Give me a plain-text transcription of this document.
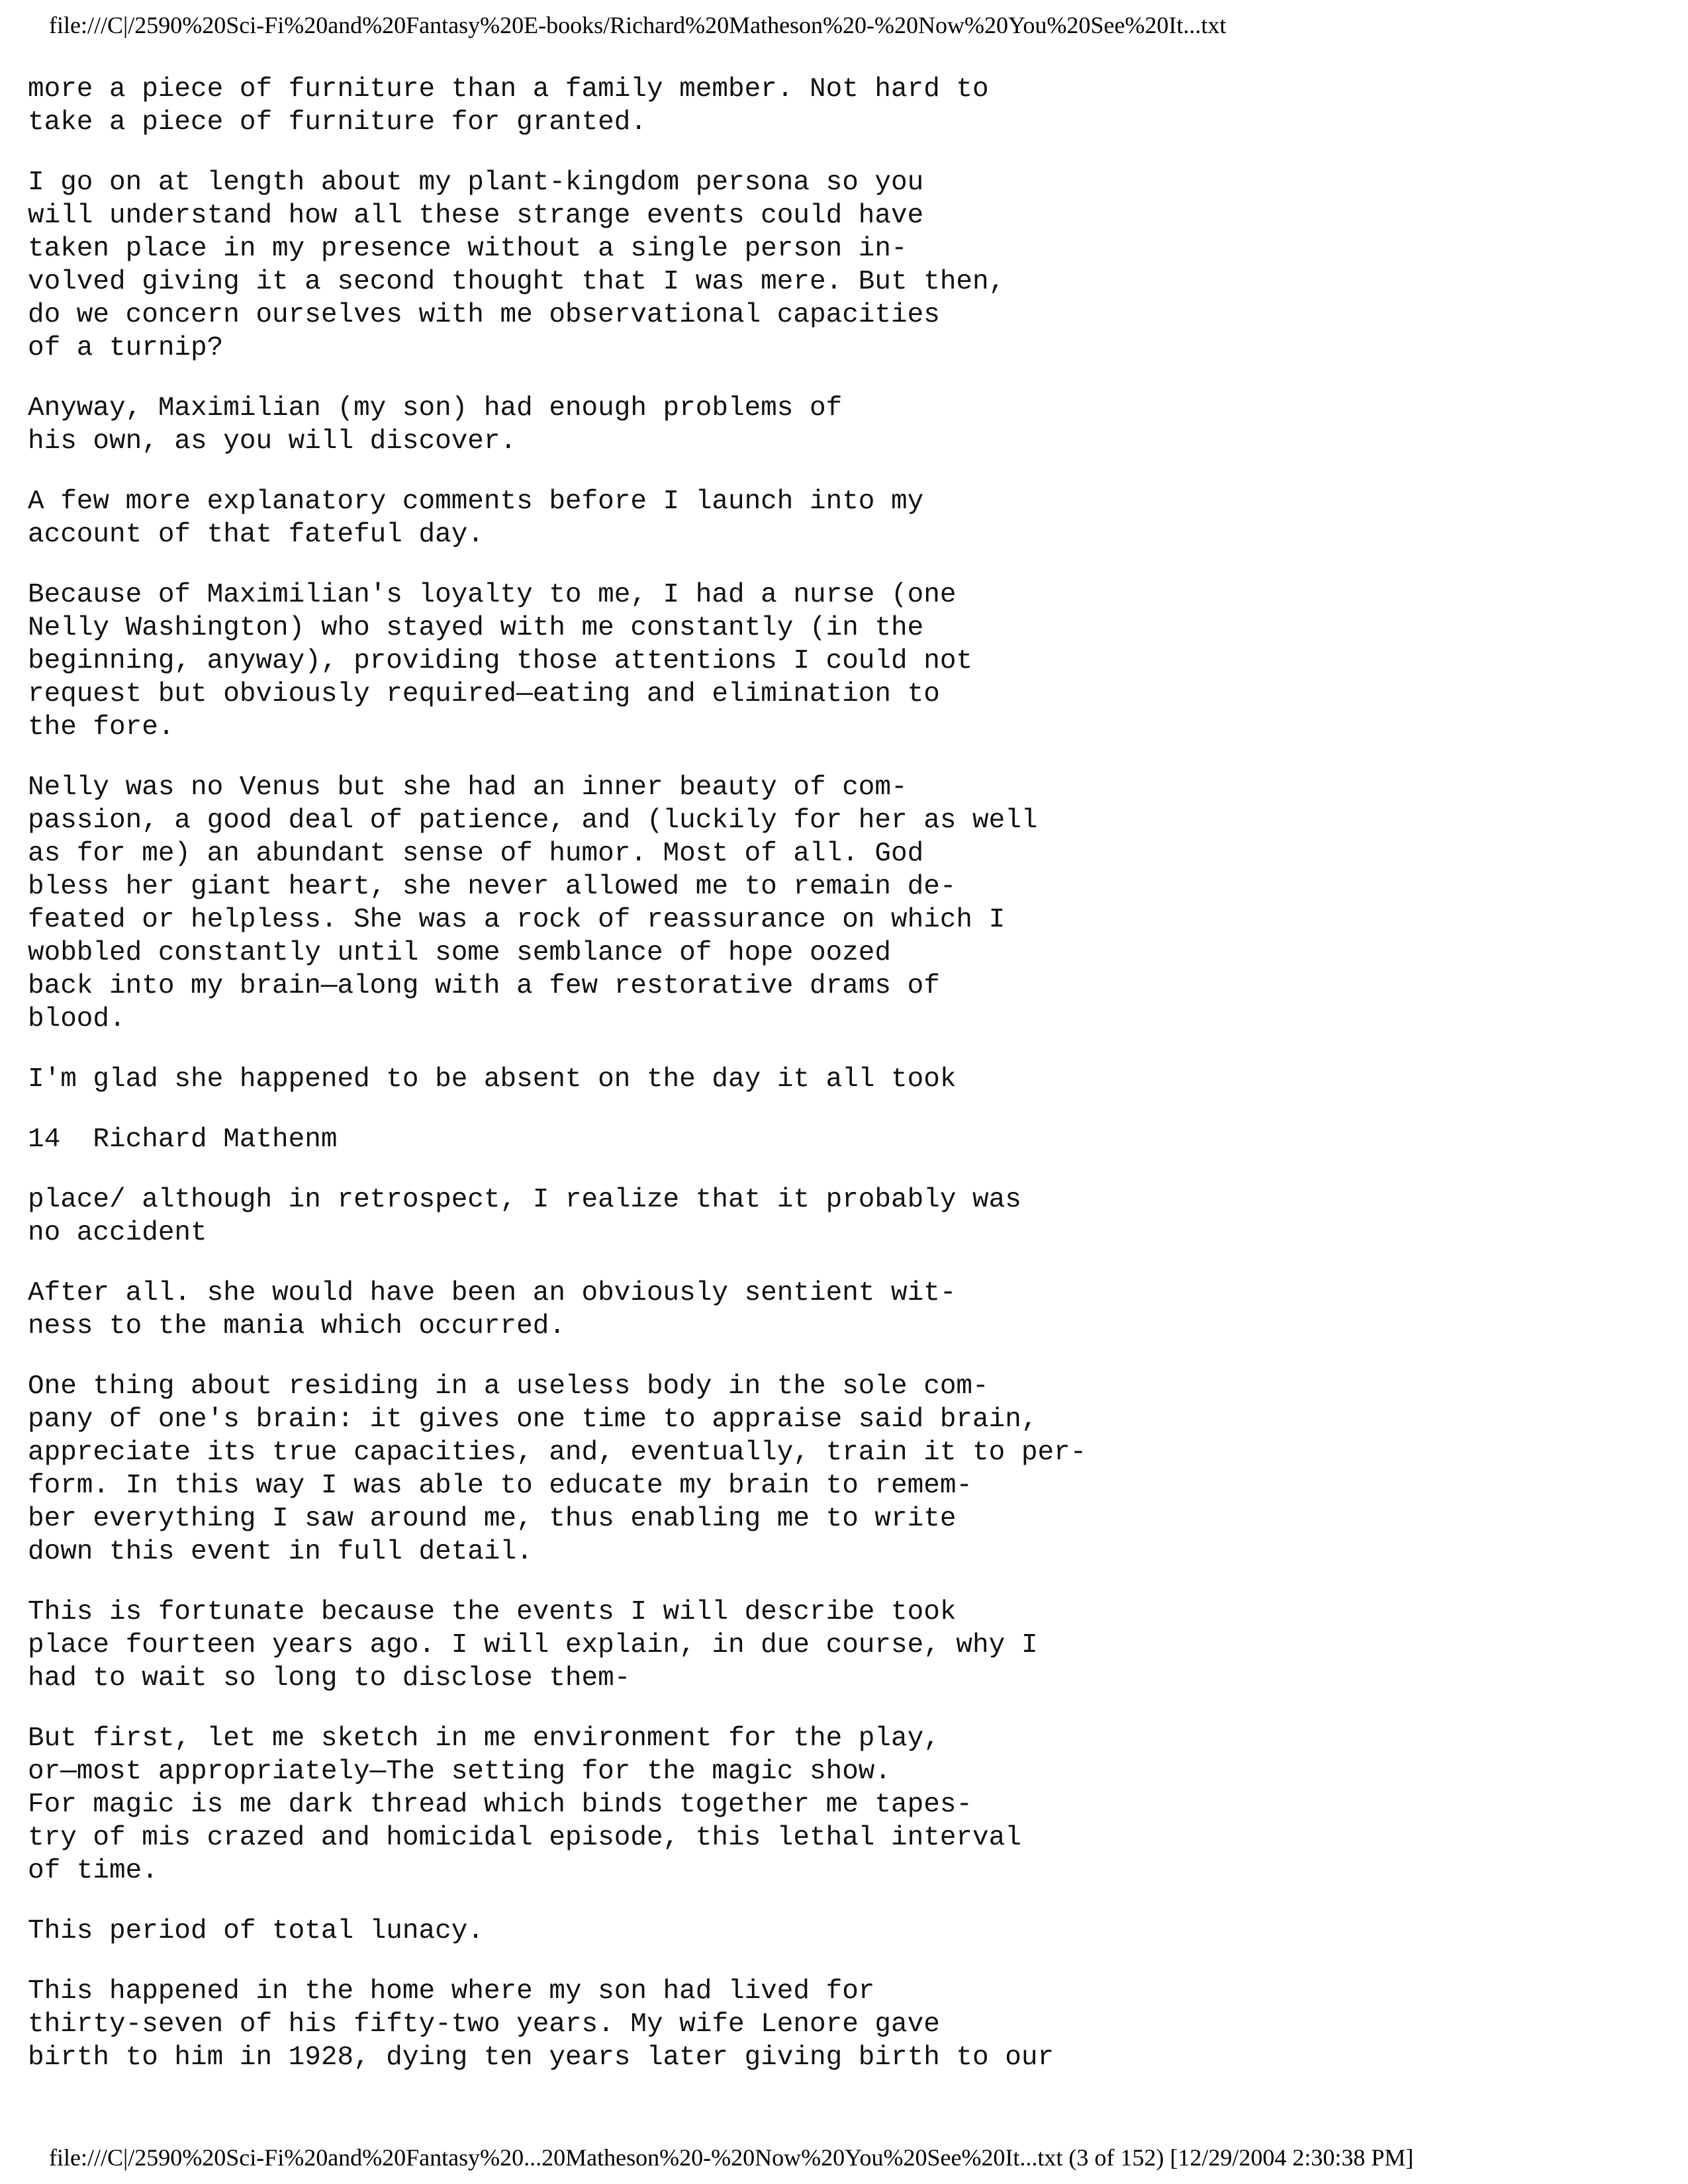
file:///C|/2590%20Sci-Fi%20and%20Fantasy%20E-books/Richard%20Matheson%20-%20Now%20You%20See%20It...txt
more a piece of furniture than a family member. Not hard to
take a piece of furniture for granted.
I go on at length about my plant-kingdom persona so you
will understand how all these strange events could have
taken place in my presence without a single person in-
volved giving it a second thought that I was mere. But then,
do we concern ourselves with me observational capacities
of a turnip?
Anyway, Maximilian (my son) had enough problems of
his own, as you will discover.
A few more explanatory comments before I launch into my
account of that fateful day.
Because of Maximilian's loyalty to me, I had a nurse (one
Nelly Washington) who stayed with me constantly (in the
beginning, anyway), providing those attentions I could not
request but obviously required—eating and elimination to
the fore.
Nelly was no Venus but she had an inner beauty of com-
passion, a good deal of patience, and (luckily for her as well
as for me) an abundant sense of humor. Most of all. God
bless her giant heart, she never allowed me to remain de-
feated or helpless. She was a rock of reassurance on which I
wobbled constantly until some semblance of hope oozed
back into my brain—along with a few restorative drams of
blood.
I'm glad she happened to be absent on the day it all took
14  Richard Mathenm
place/ although in retrospect, I realize that it probably was
no accident
After all. she would have been an obviously sentient wit-
ness to the mania which occurred.
One thing about residing in a useless body in the sole com-
pany of one's brain: it gives one time to appraise said brain,
appreciate its true capacities, and, eventually, train it to per-
form. In this way I was able to educate my brain to remem-
ber everything I saw around me, thus enabling me to write
down this event in full detail.
This is fortunate because the events I will describe took
place fourteen years ago. I will explain, in due course, why I
had to wait so long to disclose them-
But first, let me sketch in me environment for the play,
or—most appropriately—The setting for the magic show.
For magic is me dark thread which binds together me tapes-
try of mis crazed and homicidal episode, this lethal interval
of time.
This period of total lunacy.
This happened in the home where my son had lived for
thirty-seven of his fifty-two years. My wife Lenore gave
birth to him in 1928, dying ten years later giving birth to our
file:///C|/2590%20Sci-Fi%20and%20Fantasy%20...20Matheson%20-%20Now%20You%20See%20It...txt (3 of 152) [12/29/2004 2:30:38 PM]
